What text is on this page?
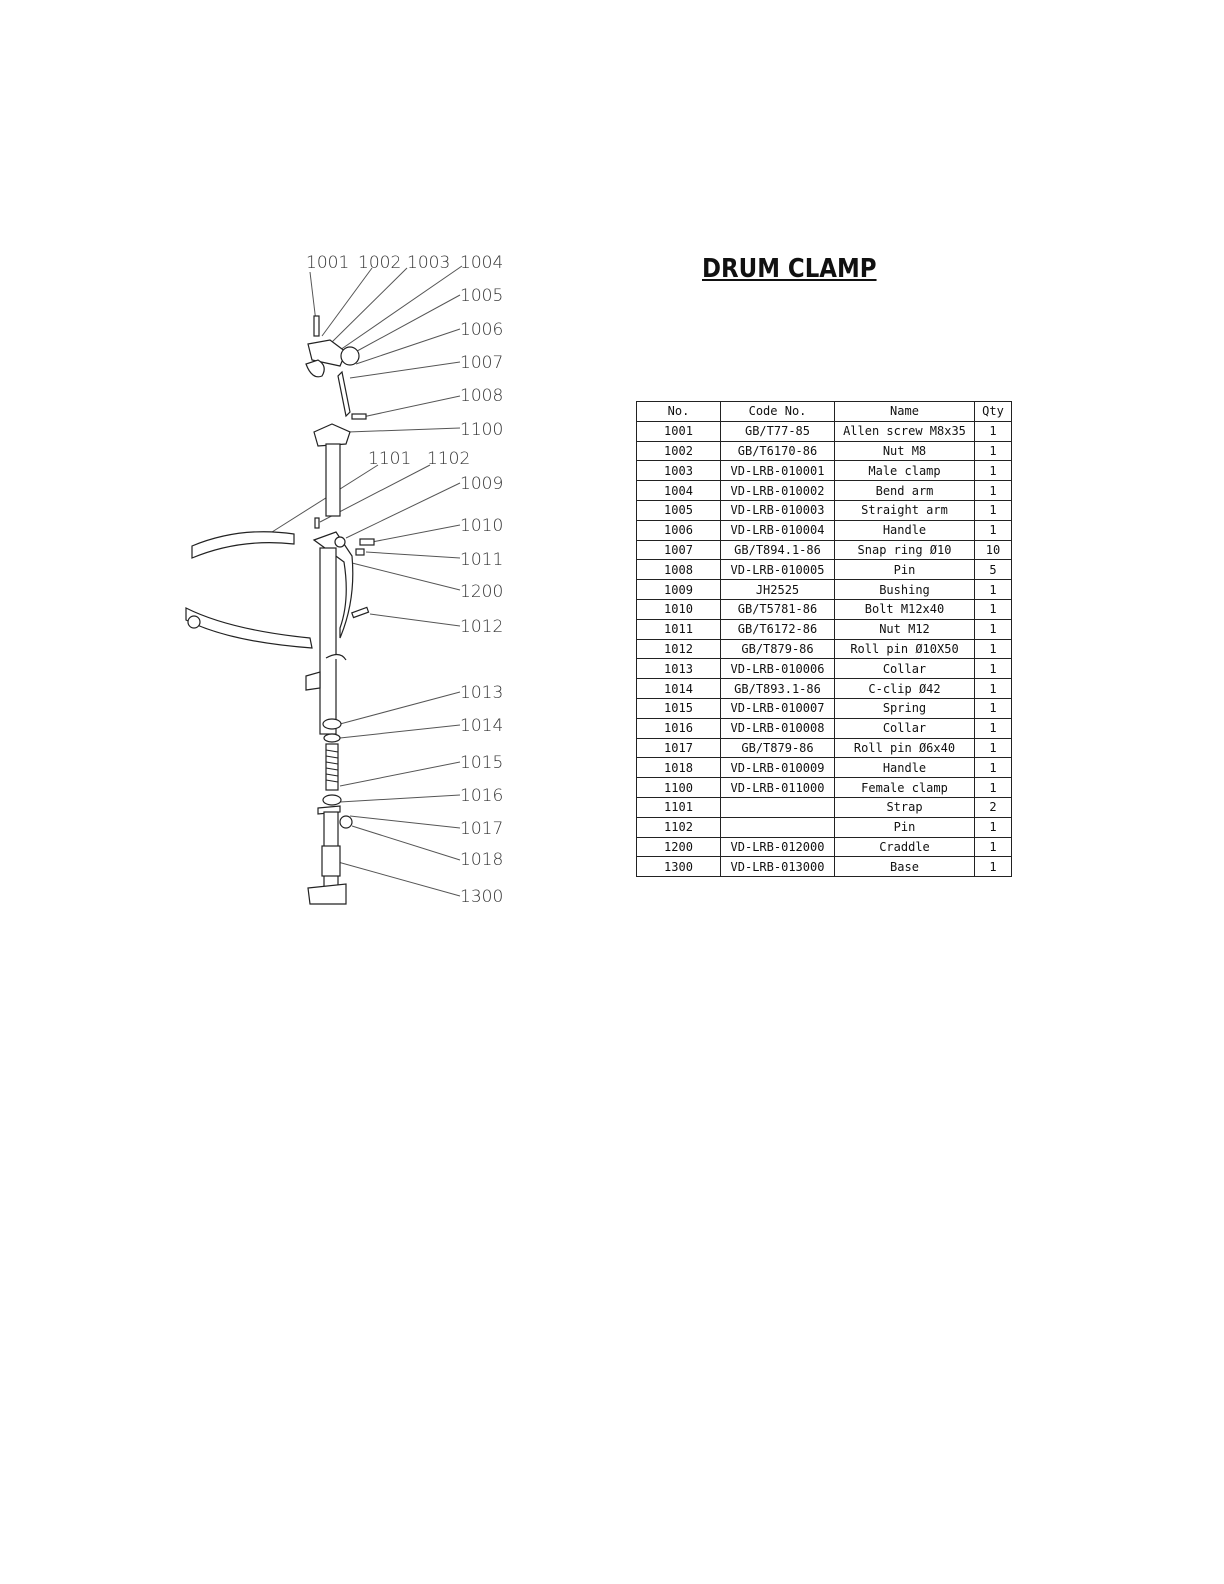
1001 1002 1003 1004
1005
1006
1007
1008
1100
1101 1102
1009
1010
1011
1200
1012
1013
1014
1015
1016
1017
1018
1300
DRUM CLAMP
No.	Code No.	Name	Qty
1001	GB/T77-85	Allen screw M8x35	1
1002	GB/T6170-86	Nut M8	1
1003	VD-LRB-010001	Male clamp	1
1004	VD-LRB-010002	Bend arm	1
1005	VD-LRB-010003	Straight arm	1
1006	VD-LRB-010004	Handle	1
1007	GB/T894.1-86	Snap ring Ø10	10
1008	VD-LRB-010005	Pin	5
1009	JH2525	Bushing	1
1010	GB/T5781-86	Bolt M12x40	1
1011	GB/T6172-86	Nut M12	1
1012	GB/T879-86	Roll pin Ø10X50	1
1013	VD-LRB-010006	Collar	1
1014	GB/T893.1-86	C-clip Ø42	1
1015	VD-LRB-010007	Spring	1
1016	VD-LRB-010008	Collar	1
1017	GB/T879-86	Roll pin Ø6x40	1
1018	VD-LRB-010009	Handle	1
1100	VD-LRB-011000	Female clamp	1
1101		Strap	2
1102		Pin	1
1200	VD-LRB-012000	Craddle	1
1300	VD-LRB-013000	Base	1
